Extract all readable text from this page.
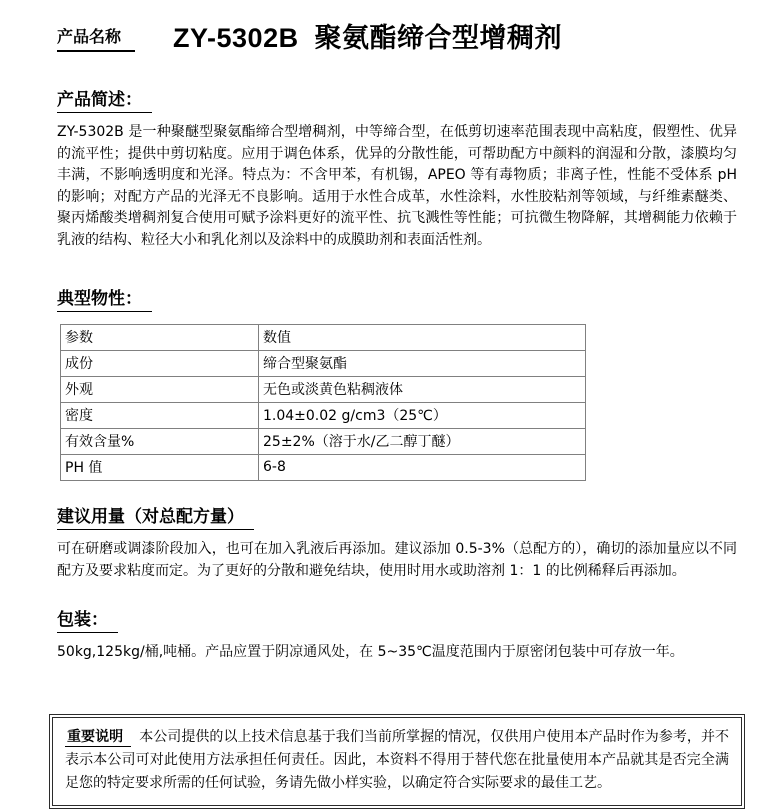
产品名称	ZY-5302B 聚氨酯缔合型增稠剂
产品简述：

ZY-5302B 是一种聚醚型聚氨酯缔合型增稠剂，中等缔合型，在低剪切速率范围表现中高粘度，假塑性、优异的流平性；提供中剪切粘度。应用于调色体系，优异的分散性能，可帮助配方中颜料的润湿和分散，漆膜均匀丰满，不影响透明度和光泽。特点为：不含甲苯，有机锡，APEO 等有毒物质；非离子性，性能不受体系 pH 的影响；对配方产品的光泽无不良影响。适用于水性合成革，水性涂料，水性胶粘剂等领域，与纤维素醚类、聚丙烯酸类增稠剂复合使用可赋予涂料更好的流平性、抗飞溅性等性能；可抗微生物降解，其增稠能力依赖于乳液的结构、粒径大小和乳化剂以及涂料中的成膜助剂和表面活性剂。

典型物性：
参数	数值
成份	缔合型聚氨酯
外观	无色或淡黄色粘稠液体
密度	1.04±0.02 g/cm3（25℃）
有效含量%	25±2%（溶于水/乙二醇丁醚）
PH 值	6-8
建议用量（对总配方量）

可在研磨或调漆阶段加入，也可在加入乳液后再添加。建议添加 0.5-3%（总配方的），确切的添加量应以不同配方及要求粘度而定。为了更好的分散和避免结块，使用时用水或助溶剂 1：1 的比例稀释后再添加。

包装：

50kg,125kg/桶,吨桶。产品应置于阴凉通风处，在 5~35℃温度范围内于原密闭包装中可存放一年。

重要说明 本公司提供的以上技术信息基于我们当前所掌握的情况，仅供用户使用本产品时作为参考，并不表示本公司可对此使用方法承担任何责任。因此，本资料不得用于替代您在批量使用本产品就其是否完全满足您的特定要求所需的任何试验，务请先做小样实验，以确定符合实际要求的最佳工艺。
